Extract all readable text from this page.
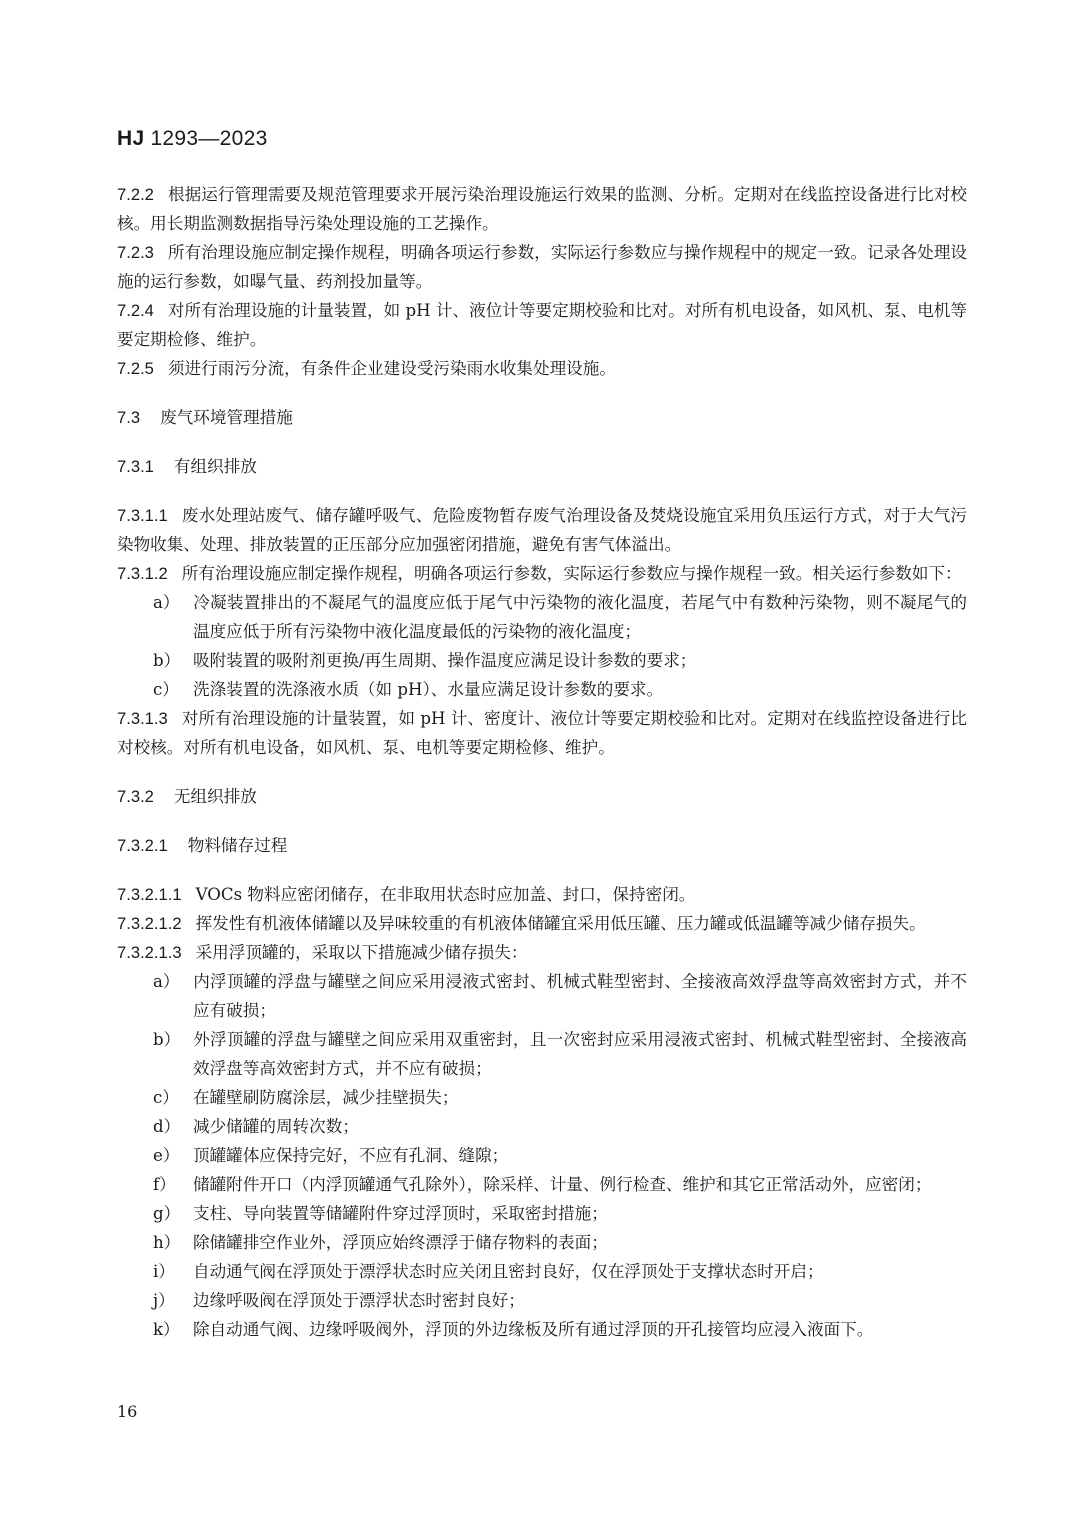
HJ 1293—2023

7.2.2 根据运行管理需要及规范管理要求开展污染治理设施运行效果的监测、分析。定期对在线监控设备进行比对校核。用长期监测数据指导污染处理设施的工艺操作。

7.2.3 所有治理设施应制定操作规程，明确各项运行参数，实际运行参数应与操作规程中的规定一致。记录各处理设施的运行参数，如曝气量、药剂投加量等。

7.2.4 对所有治理设施的计量装置，如 pH 计、液位计等要定期校验和比对。对所有机电设备，如风机、泵、电机等要定期检修、维护。

7.2.5 须进行雨污分流，有条件企业建设受污染雨水收集处理设施。

7.3 废气环境管理措施

7.3.1 有组织排放

7.3.1.1 废水处理站废气、储存罐呼吸气、危险废物暂存废气治理设备及焚烧设施宜采用负压运行方式，对于大气污染物收集、处理、排放装置的正压部分应加强密闭措施，避免有害气体溢出。

7.3.1.2 所有治理设施应制定操作规程，明确各项运行参数，实际运行参数应与操作规程一致。相关运行参数如下：

a） 冷凝装置排出的不凝尾气的温度应低于尾气中污染物的液化温度，若尾气中有数种污染物，则不凝尾气的温度应低于所有污染物中液化温度最低的污染物的液化温度；

b） 吸附装置的吸附剂更换/再生周期、操作温度应满足设计参数的要求；

c） 洗涤装置的洗涤液水质（如 pH）、水量应满足设计参数的要求。

7.3.1.3 对所有治理设施的计量装置，如 pH 计、密度计、液位计等要定期校验和比对。定期对在线监控设备进行比对校核。对所有机电设备，如风机、泵、电机等要定期检修、维护。

7.3.2 无组织排放

7.3.2.1 物料储存过程

7.3.2.1.1 VOCs 物料应密闭储存，在非取用状态时应加盖、封口，保持密闭。

7.3.2.1.2 挥发性有机液体储罐以及异味较重的有机液体储罐宜采用低压罐、压力罐或低温罐等减少储存损失。

7.3.2.1.3 采用浮顶罐的，采取以下措施减少储存损失：

a） 内浮顶罐的浮盘与罐壁之间应采用浸液式密封、机械式鞋型密封、全接液高效浮盘等高效密封方式，并不应有破损；

b） 外浮顶罐的浮盘与罐壁之间应采用双重密封，且一次密封应采用浸液式密封、机械式鞋型密封、全接液高效浮盘等高效密封方式，并不应有破损；

c） 在罐壁刷防腐涂层，减少挂壁损失；

d） 减少储罐的周转次数；

e） 顶罐罐体应保持完好，不应有孔洞、缝隙；

f） 储罐附件开口（内浮顶罐通气孔除外），除采样、计量、例行检查、维护和其它正常活动外，应密闭；

g） 支柱、导向装置等储罐附件穿过浮顶时，采取密封措施；

h） 除储罐排空作业外，浮顶应始终漂浮于储存物料的表面；

i） 自动通气阀在浮顶处于漂浮状态时应关闭且密封良好，仅在浮顶处于支撑状态时开启；

j） 边缘呼吸阀在浮顶处于漂浮状态时密封良好；

k） 除自动通气阀、边缘呼吸阀外，浮顶的外边缘板及所有通过浮顶的开孔接管均应浸入液面下。

16
